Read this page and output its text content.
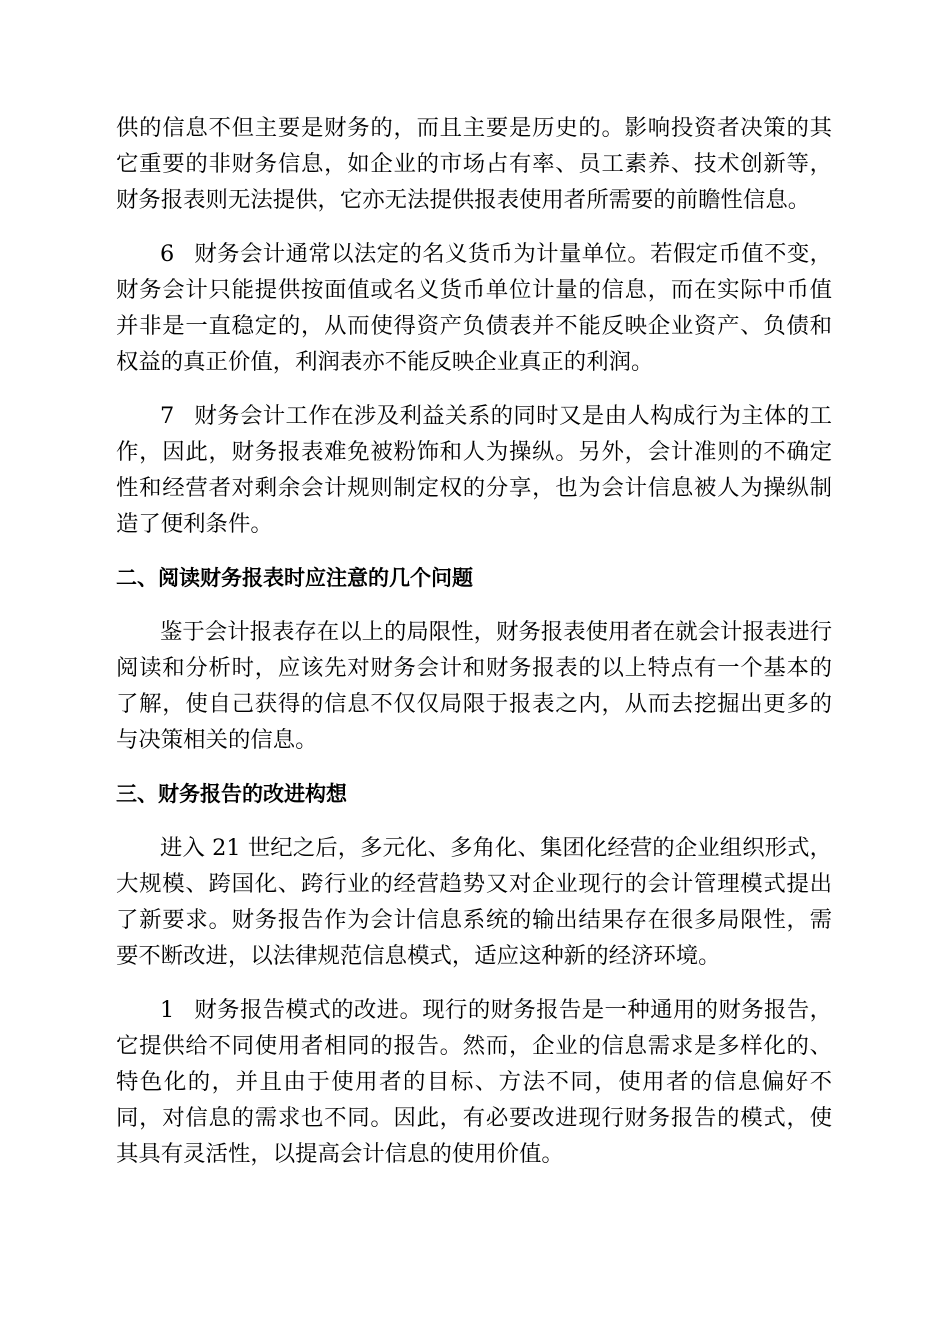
供的信息不但主要是财务的，而且主要是历史的。影响投资者决策的其它重要的非财务信息，如企业的市场占有率、员工素养、技术创新等，财务报表则无法提供，它亦无法提供报表使用者所需要的前瞻性信息。

6 财务会计通常以法定的名义货币为计量单位。若假定币值不变，财务会计只能提供按面值或名义货币单位计量的信息，而在实际中币值并非是一直稳定的，从而使得资产负债表并不能反映企业资产、负债和权益的真正价值，利润表亦不能反映企业真正的利润。

7 财务会计工作在涉及利益关系的同时又是由人构成行为主体的工作，因此，财务报表难免被粉饰和人为操纵。另外，会计准则的不确定性和经营者对剩余会计规则制定权的分享，也为会计信息被人为操纵制造了便利条件。

二、阅读财务报表时应注意的几个问题

鉴于会计报表存在以上的局限性，财务报表使用者在就会计报表进行阅读和分析时，应该先对财务会计和财务报表的以上特点有一个基本的了解，使自己获得的信息不仅仅局限于报表之内，从而去挖掘出更多的与决策相关的信息。

三、财务报告的改进构想

进入 21 世纪之后，多元化、多角化、集团化经营的企业组织形式，大规模、跨国化、跨行业的经营趋势又对企业现行的会计管理模式提出了新要求。财务报告作为会计信息系统的输出结果存在很多局限性，需要不断改进，以法律规范信息模式，适应这种新的经济环境。

1 财务报告模式的改进。现行的财务报告是一种通用的财务报告，它提供给不同使用者相同的报告。然而，企业的信息需求是多样化的、特色化的，并且由于使用者的目标、方法不同，使用者的信息偏好不同，对信息的需求也不同。因此，有必要改进现行财务报告的模式，使其具有灵活性，以提高会计信息的使用价值。
